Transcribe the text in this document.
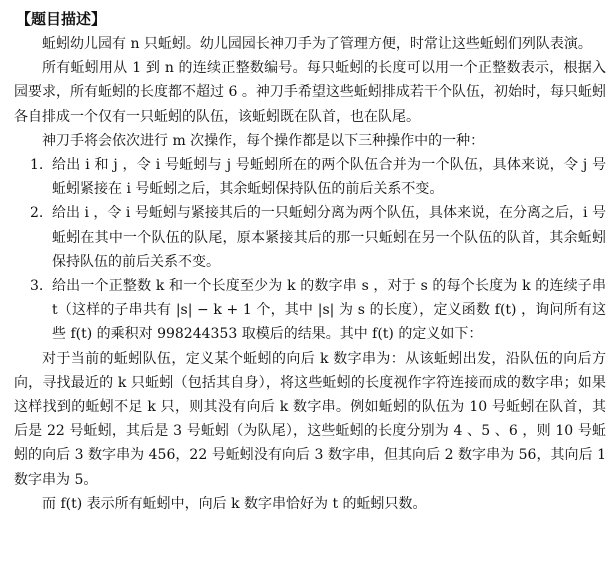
【题目描述】

蚯蚓幼儿园有 n 只蚯蚓。幼儿园园长神刀手为了管理方便，时常让这些蚯蚓们列队表演。

所有蚯蚓用从 1 到 n 的连续正整数编号。每只蚯蚓的长度可以用一个正整数表示，根据入园要求，所有蚯蚓的长度都不超过 6 。神刀手希望这些蚯蚓排成若干个队伍，初始时，每只蚯蚓各自排成一个仅有一只蚯蚓的队伍，该蚯蚓既在队首，也在队尾。

神刀手将会依次进行 m 次操作，每个操作都是以下三种操作中的一种：

1. 给出 i 和 j ，令 i 号蚯蚓与 j 号蚯蚓所在的两个队伍合并为一个队伍，具体来说，令 j 号蚯蚓紧接在 i 号蚯蚓之后，其余蚯蚓保持队伍的前后关系不变。
2. 给出 i ，令 i 号蚯蚓与紧接其后的一只蚯蚓分离为两个队伍，具体来说，在分离之后，i 号蚯蚓在其中一个队伍的队尾，原本紧接其后的那一只蚯蚓在另一个队伍的队首，其余蚯蚓保持队伍的前后关系不变。
3. 给出一个正整数 k 和一个长度至少为 k 的数字串 s ，对于 s 的每个长度为 k 的连续子串 t（这样的子串共有 |s| − k + 1 个，其中 |s| 为 s 的长度），定义函数 f(t) ，询问所有这些 f(t) 的乘积对 998244353 取模后的结果。其中 f(t) 的定义如下：

对于当前的蚯蚓队伍，定义某个蚯蚓的向后 k 数字串为：从该蚯蚓出发，沿队伍的向后方向，寻找最近的 k 只蚯蚓（包括其自身），将这些蚯蚓的长度视作字符连接而成的数字串；如果这样找到的蚯蚓不足 k 只，则其没有向后 k 数字串。例如蚯蚓的队伍为 10 号蚯蚓在队首，其后是 22 号蚯蚓，其后是 3 号蚯蚓（为队尾），这些蚯蚓的长度分别为 4 、5 、6 ，则 10 号蚯蚓的向后 3 数字串为 456，22 号蚯蚓没有向后 3 数字串，但其向后 2 数字串为 56，其向后 1 数字串为 5。

而 f(t) 表示所有蚯蚓中，向后 k 数字串恰好为 t 的蚯蚓只数。
